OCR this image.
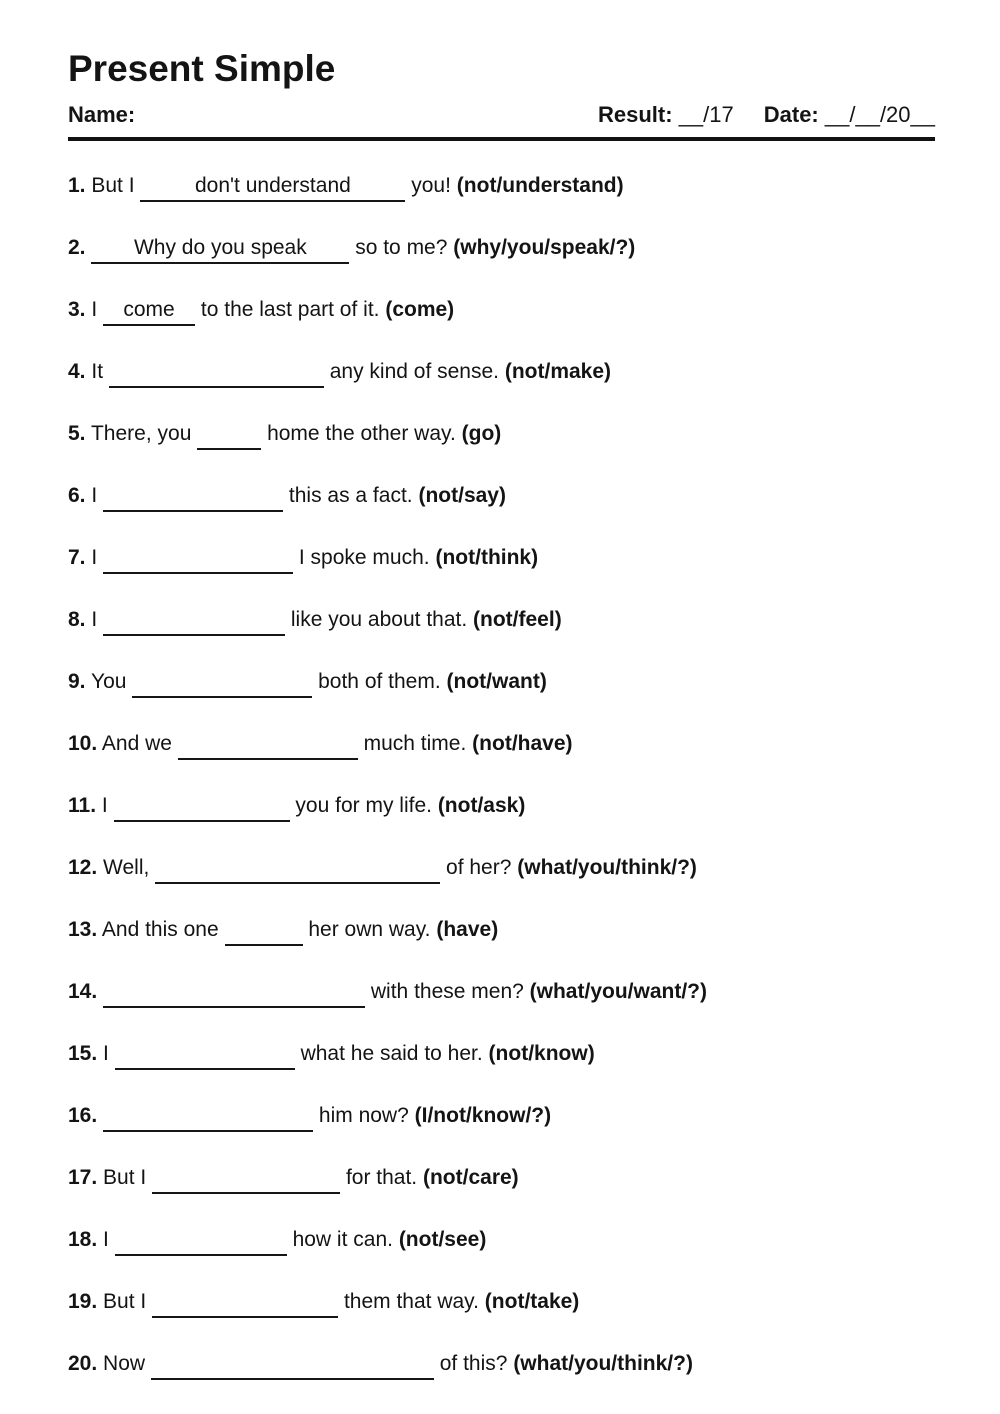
Present Simple
Name:	Result: __/17 Date: __/__/20__
1. But I	don't understand ​	you! (not/understand)
2. Why do you speak ​ so to me? (why/you/speak/?)
3. I come ​ to the last part of it. (come)
4. It	any kind of sense. (not/make)
5. There, you	home the other way. (go)
6. I	this as a fact. (not/say)
7. I	I spoke much. (not/think)
8. I	like you about that. (not/feel)
9. You	both of them. (not/want)
10. And we	much time. (not/have)
11. I	you for my life. (not/ask)
12. Well,	of her? (what/you/think/?)
13. And this one	her own way. (have)
14.	with these men? (what/you/want/?)
15. I	what he said to her. (not/know)
16.	him now? (I/not/know/?)
17. But I	for that. (not/care)
18. I	how it can. (not/see)
19. But I	them that way. (not/take)
20. Now	of this? (what/you/think/?)
